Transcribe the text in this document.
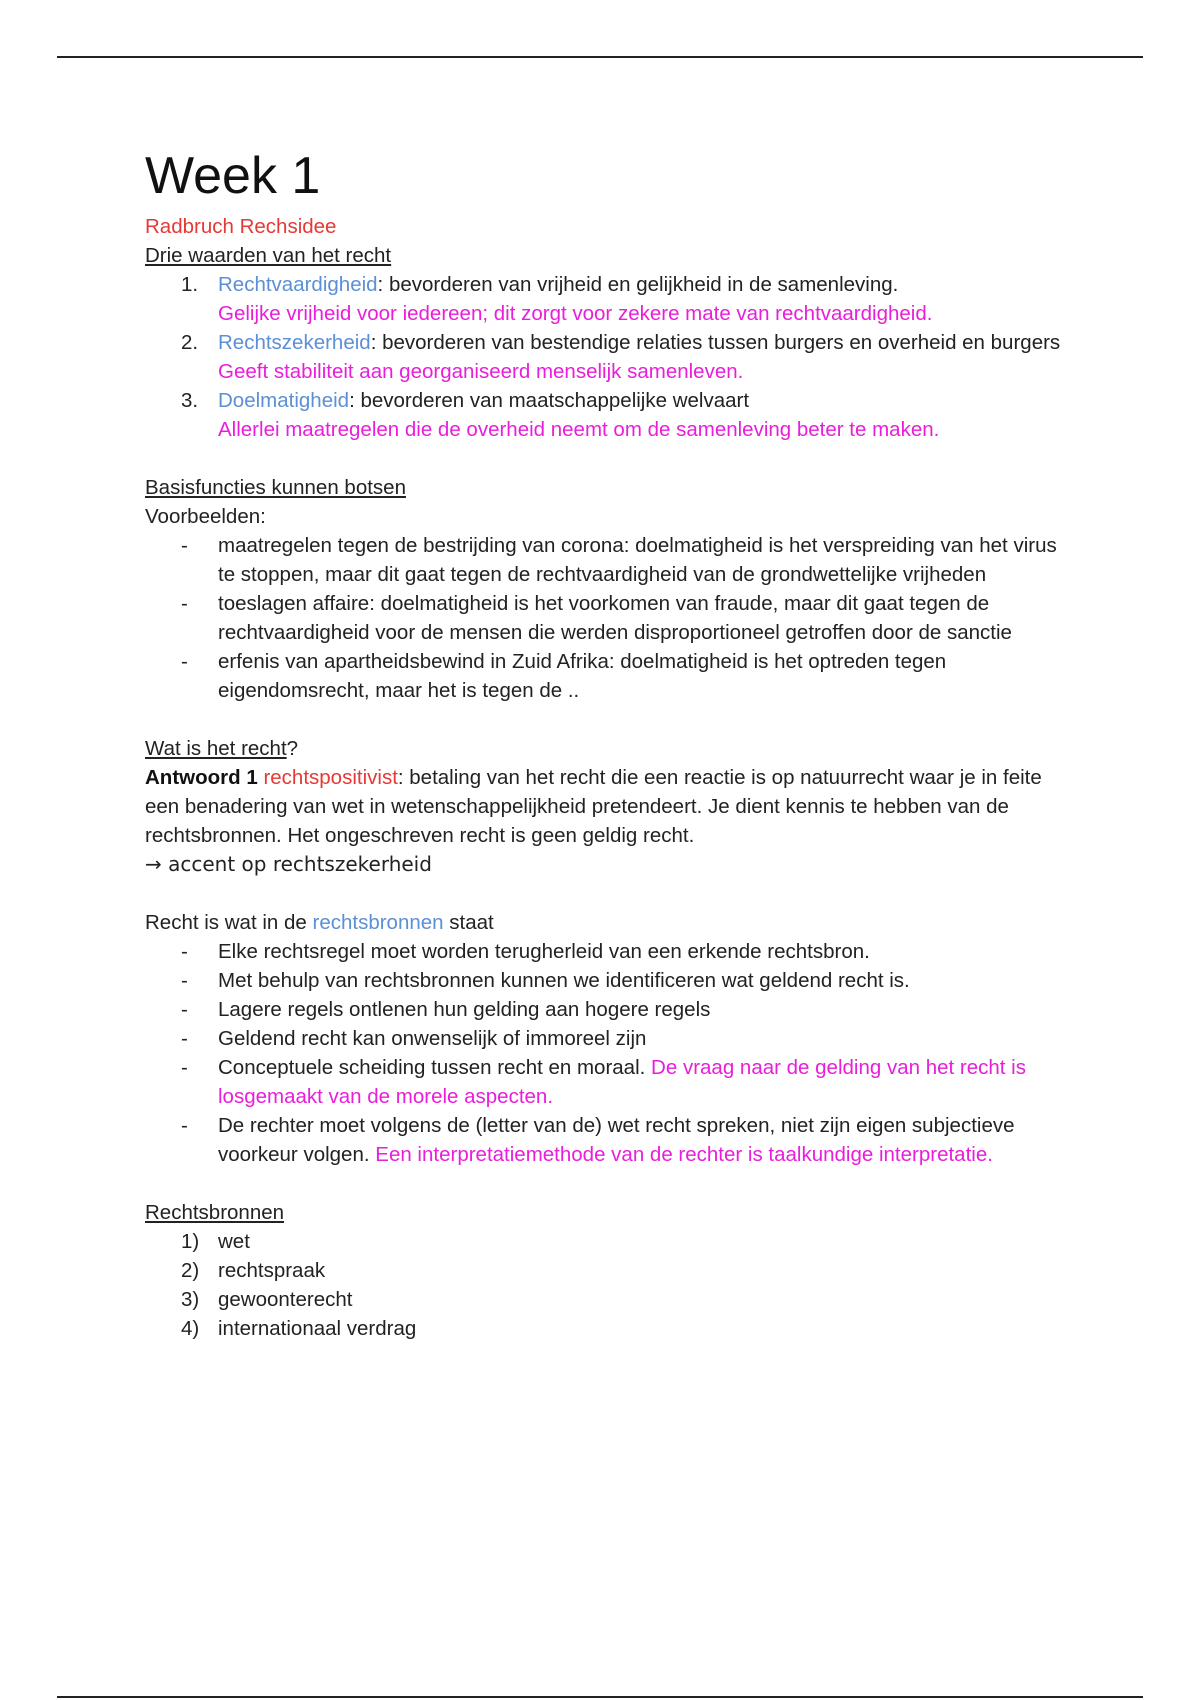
Week 1

Radbruch Rechsidee

Drie waarden van het recht

1. Rechtvaardigheid: bevorderen van vrijheid en gelijkheid in de samenleving.
Gelijke vrijheid voor iedereen; dit zorgt voor zekere mate van rechtvaardigheid.
2. Rechtszekerheid: bevorderen van bestendige relaties tussen burgers en overheid en burgers
Geeft stabiliteit aan georganiseerd menselijk samenleven.
3. Doelmatigheid: bevorderen van maatschappelijke welvaart
Allerlei maatregelen die de overheid neemt om de samenleving beter te maken.

Basisfuncties kunnen botsen

Voorbeelden:

-	maatregelen tegen de bestrijding van corona: doelmatigheid is het verspreiding van het virus te stoppen, maar dit gaat tegen de rechtvaardigheid van de grondwettelijke vrijheden
-	toeslagen affaire: doelmatigheid is het voorkomen van fraude, maar dit gaat tegen de rechtvaardigheid voor de mensen die werden disproportioneel getroffen door de sanctie
-	erfenis van apartheidsbewind in Zuid Afrika: doelmatigheid is het optreden tegen eigendomsrecht, maar het is tegen de ..

Wat is het recht?

Antwoord 1 rechtspositivist: betaling van het recht die een reactie is op natuurrecht waar je in feite een benadering van wet in wetenschappelijkheid pretendeert. Je dient kennis te hebben van de rechtsbronnen. Het ongeschreven recht is geen geldig recht.

→ accent op rechtszekerheid

Recht is wat in de rechtsbronnen staat

-	Elke rechtsregel moet worden terugherleid van een erkende rechtsbron.
-	Met behulp van rechtsbronnen kunnen we identificeren wat geldend recht is.
-	Lagere regels ontlenen hun gelding aan hogere regels
-	Geldend recht kan onwenselijk of immoreel zijn
-	Conceptuele scheiding tussen recht en moraal. De vraag naar de gelding van het recht is losgemaakt van de morele aspecten.
-	De rechter moet volgens de (letter van de) wet recht spreken, niet zijn eigen subjectieve voorkeur volgen. Een interpretatiemethode van de rechter is taalkundige interpretatie.

Rechtsbronnen

1) wet
2) rechtspraak
3) gewoonterecht
4) internationaal verdrag
